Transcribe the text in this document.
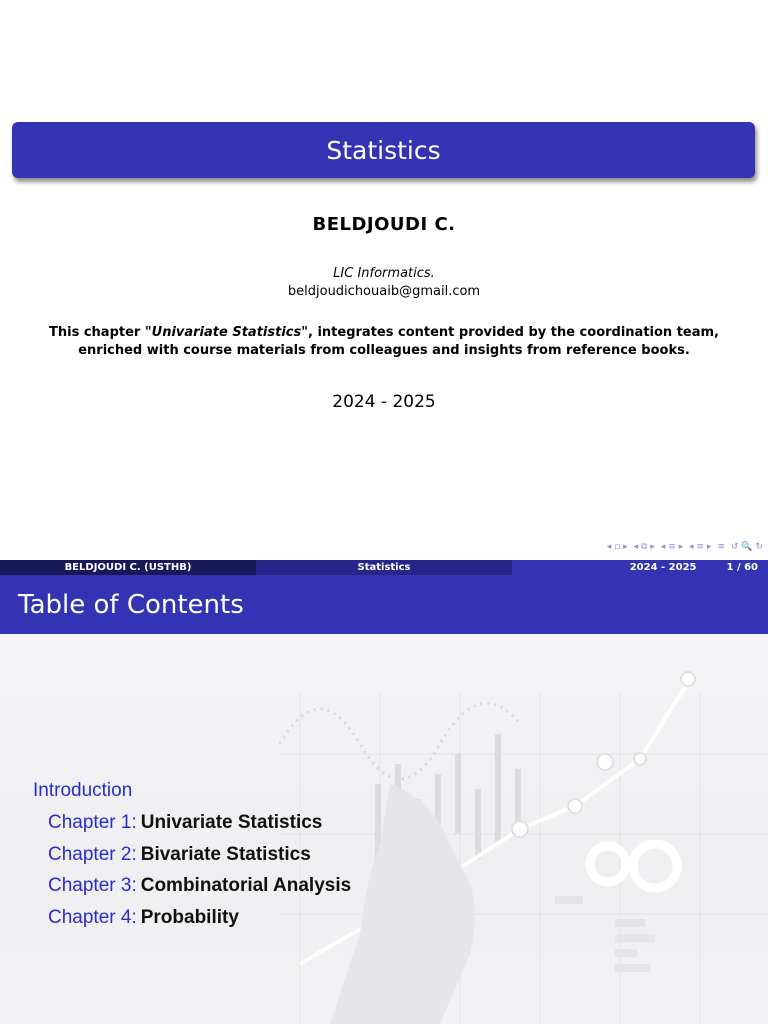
Statistics
BELDJOUDI C.
LIC Informatics.
beldjoudichouaib@gmail.com
This chapter "Univariate Statistics", integrates content provided by the coordination team, enriched with course materials from colleagues and insights from reference books.
2024 - 2025
◂ ▫ ▸ ◂ ⧉ ▸ ◂ ≡ ▸ ◂ ≡ ▸ ≡ ↺ 🔍 ↻
BELDJOUDI C. (USTHB)	Statistics	2024 - 2025	1 / 60
Table of Contents
Introduction
Chapter 1: Univariate Statistics
Chapter 2: Bivariate Statistics
Chapter 3: Combinatorial Analysis
Chapter 4: Probability
